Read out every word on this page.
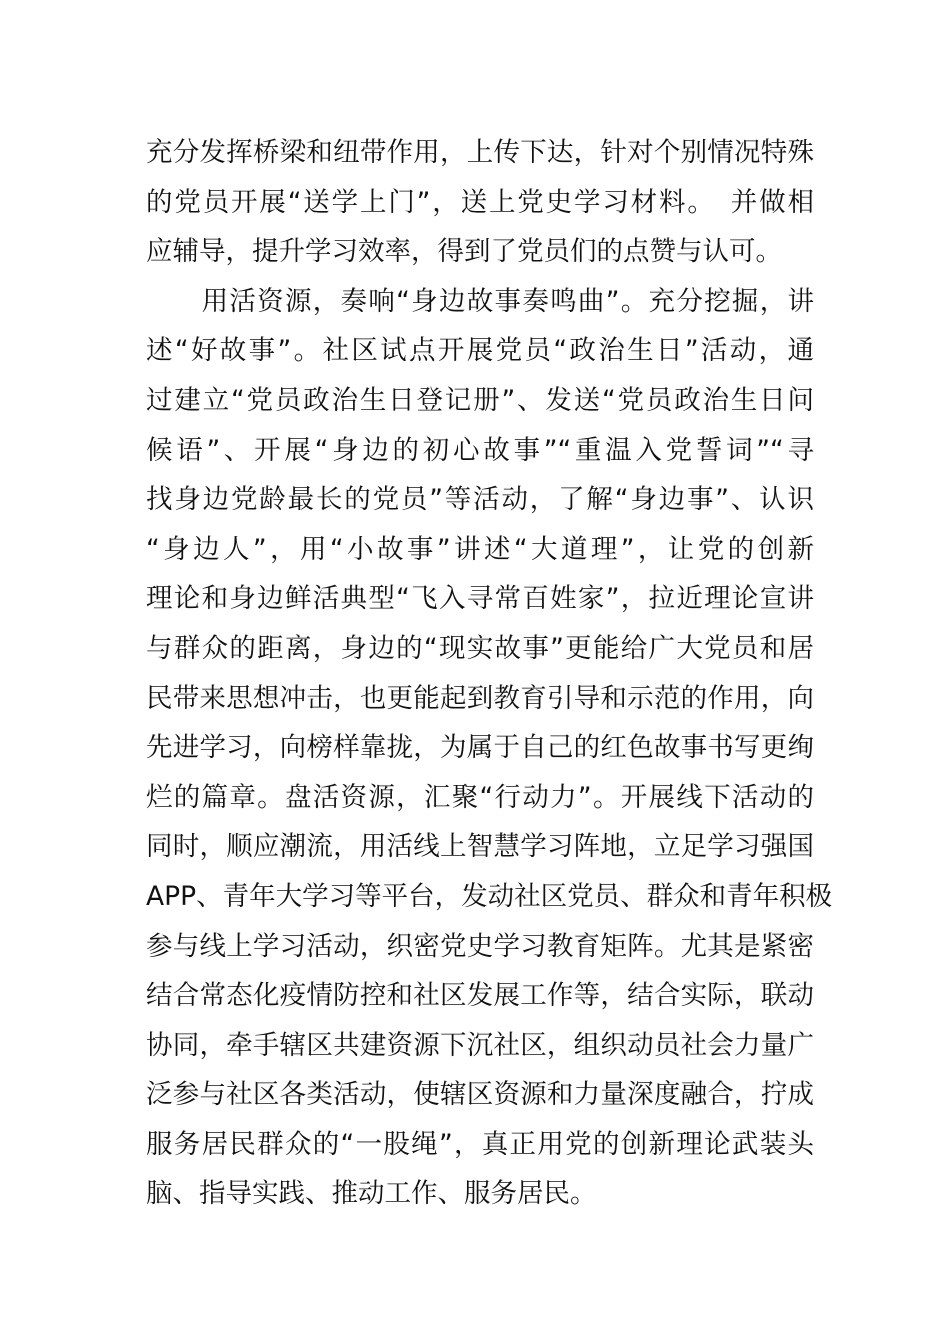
充分发挥桥梁和纽带作用，上传下达，针对个别情况特殊
的党员开展“送学上门”，送上党史学习材料。　并做相
应辅导，提升学习效率，得到了党员们的点赞与认可。
　　用活资源，奏响“身边故事奏鸣曲”。充分挖掘，讲
述“好故事”。社区试点开展党员“政治生日”活动，通
过建立“党员政治生日登记册”、发送“党员政治生日问
候语”、开展“身边的初心故事”“重温入党誓词”“寻
找身边党龄最长的党员”等活动，了解“身边事”、认识
“身边人”，用“小故事”讲述“大道理”，让党的创新
理论和身边鲜活典型“飞入寻常百姓家”，拉近理论宣讲
与群众的距离，身边的“现实故事”更能给广大党员和居
民带来思想冲击，也更能起到教育引导和示范的作用，向
先进学习，向榜样靠拢，为属于自己的红色故事书写更绚
烂的篇章。盘活资源，汇聚“行动力”。开展线下活动的
同时，顺应潮流，用活线上智慧学习阵地，立足学习强国
APP、青年大学习等平台，发动社区党员、群众和青年积极
参与线上学习活动，织密党史学习教育矩阵。尤其是紧密
结合常态化疫情防控和社区发展工作等，结合实际，联动
协同，牵手辖区共建资源下沉社区，组织动员社会力量广
泛参与社区各类活动，使辖区资源和力量深度融合，拧成
服务居民群众的“一股绳”，真正用党的创新理论武装头
脑、指导实践、推动工作、服务居民。
